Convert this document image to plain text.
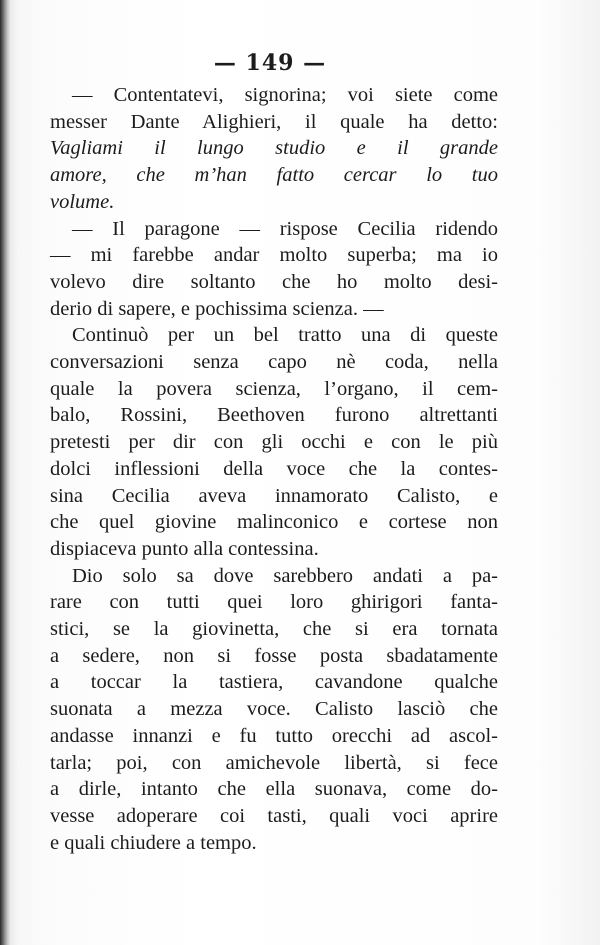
— 149 —
— Contentatevi, signorina; voi siete come
messer Dante Alighieri, il quale ha detto:
Vagliami il lungo studio e il grande
amore, che m’han fatto cercar lo tuo
volume.
— Il paragone — rispose Cecilia ridendo
— mi farebbe andar molto superba; ma io
volevo dire soltanto che ho molto desi-
derio di sapere, e pochissima scienza. —
Continuò per un bel tratto una di queste
conversazioni senza capo nè coda, nella
quale la povera scienza, l’organo, il cem-
balo, Rossini, Beethoven furono altrettanti
pretesti per dir con gli occhi e con le più
dolci inflessioni della voce che la contes-
sina Cecilia aveva innamorato Calisto, e
che quel giovine malinconico e cortese non
dispiaceva punto alla contessina.
Dio solo sa dove sarebbero andati a pa-
rare con tutti quei loro ghirigori fanta-
stici, se la giovinetta, che si era tornata
a sedere, non si fosse posta sbadatamente
a toccar la tastiera, cavandone qualche
suonata a mezza voce. Calisto lasciò che
andasse innanzi e fu tutto orecchi ad ascol-
tarla; poi, con amichevole libertà, si fece
a dirle, intanto che ella suonava, come do-
vesse adoperare coi tasti, quali voci aprire
e quali chiudere a tempo.
